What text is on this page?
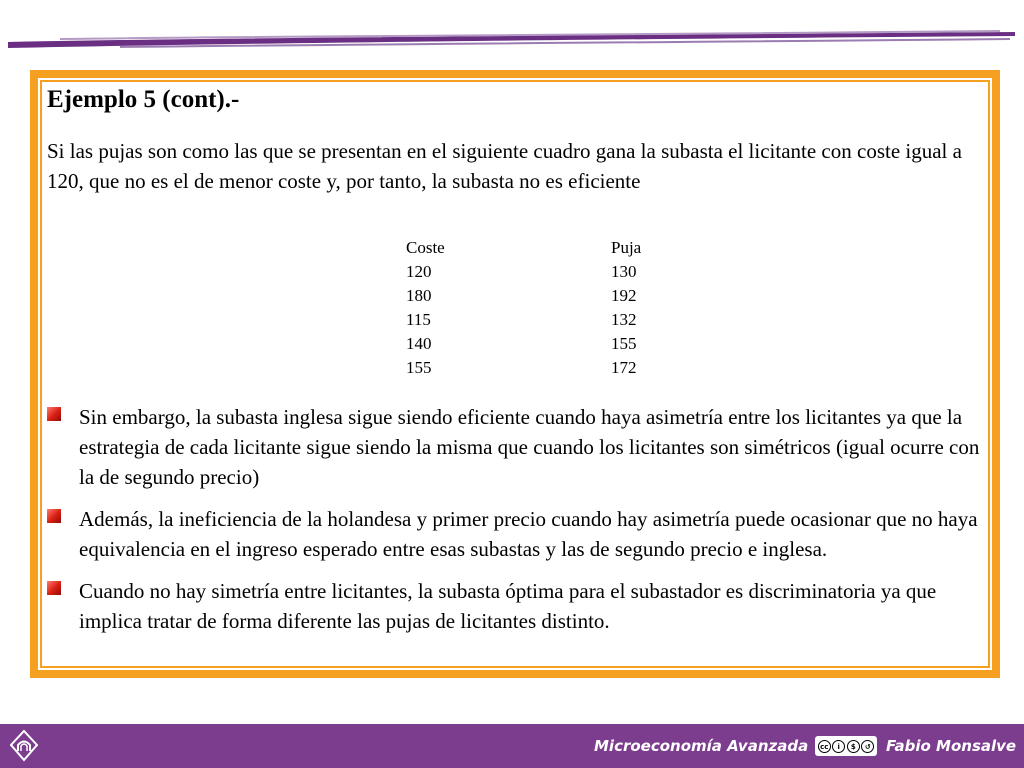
Ejemplo 5 (cont).-
Si las pujas son como las que se presentan en el siguiente cuadro gana la subasta el licitante con coste igual a 120, que no es el de menor coste y, por tanto, la subasta no es eficiente
Coste	Puja
120	130
180	192
115	132
140	155
155	172
Sin embargo, la subasta inglesa sigue siendo eficiente cuando haya asimetría entre los licitantes ya que la estrategia de cada licitante sigue siendo la misma que cuando los licitantes son simétricos (igual ocurre con la de segundo precio)
Además, la ineficiencia de la holandesa y primer precio cuando hay asimetría puede ocasionar que no haya equivalencia en el ingreso esperado entre esas subastas y las de segundo precio e inglesa.
Cuando no hay simetría entre licitantes, la subasta óptima para el subastador es discriminatoria ya que implica tratar de forma diferente las pujas de licitantes distinto.
Microeconomía Avanzada	cc	i	$	↺ Fabio Monsalve
